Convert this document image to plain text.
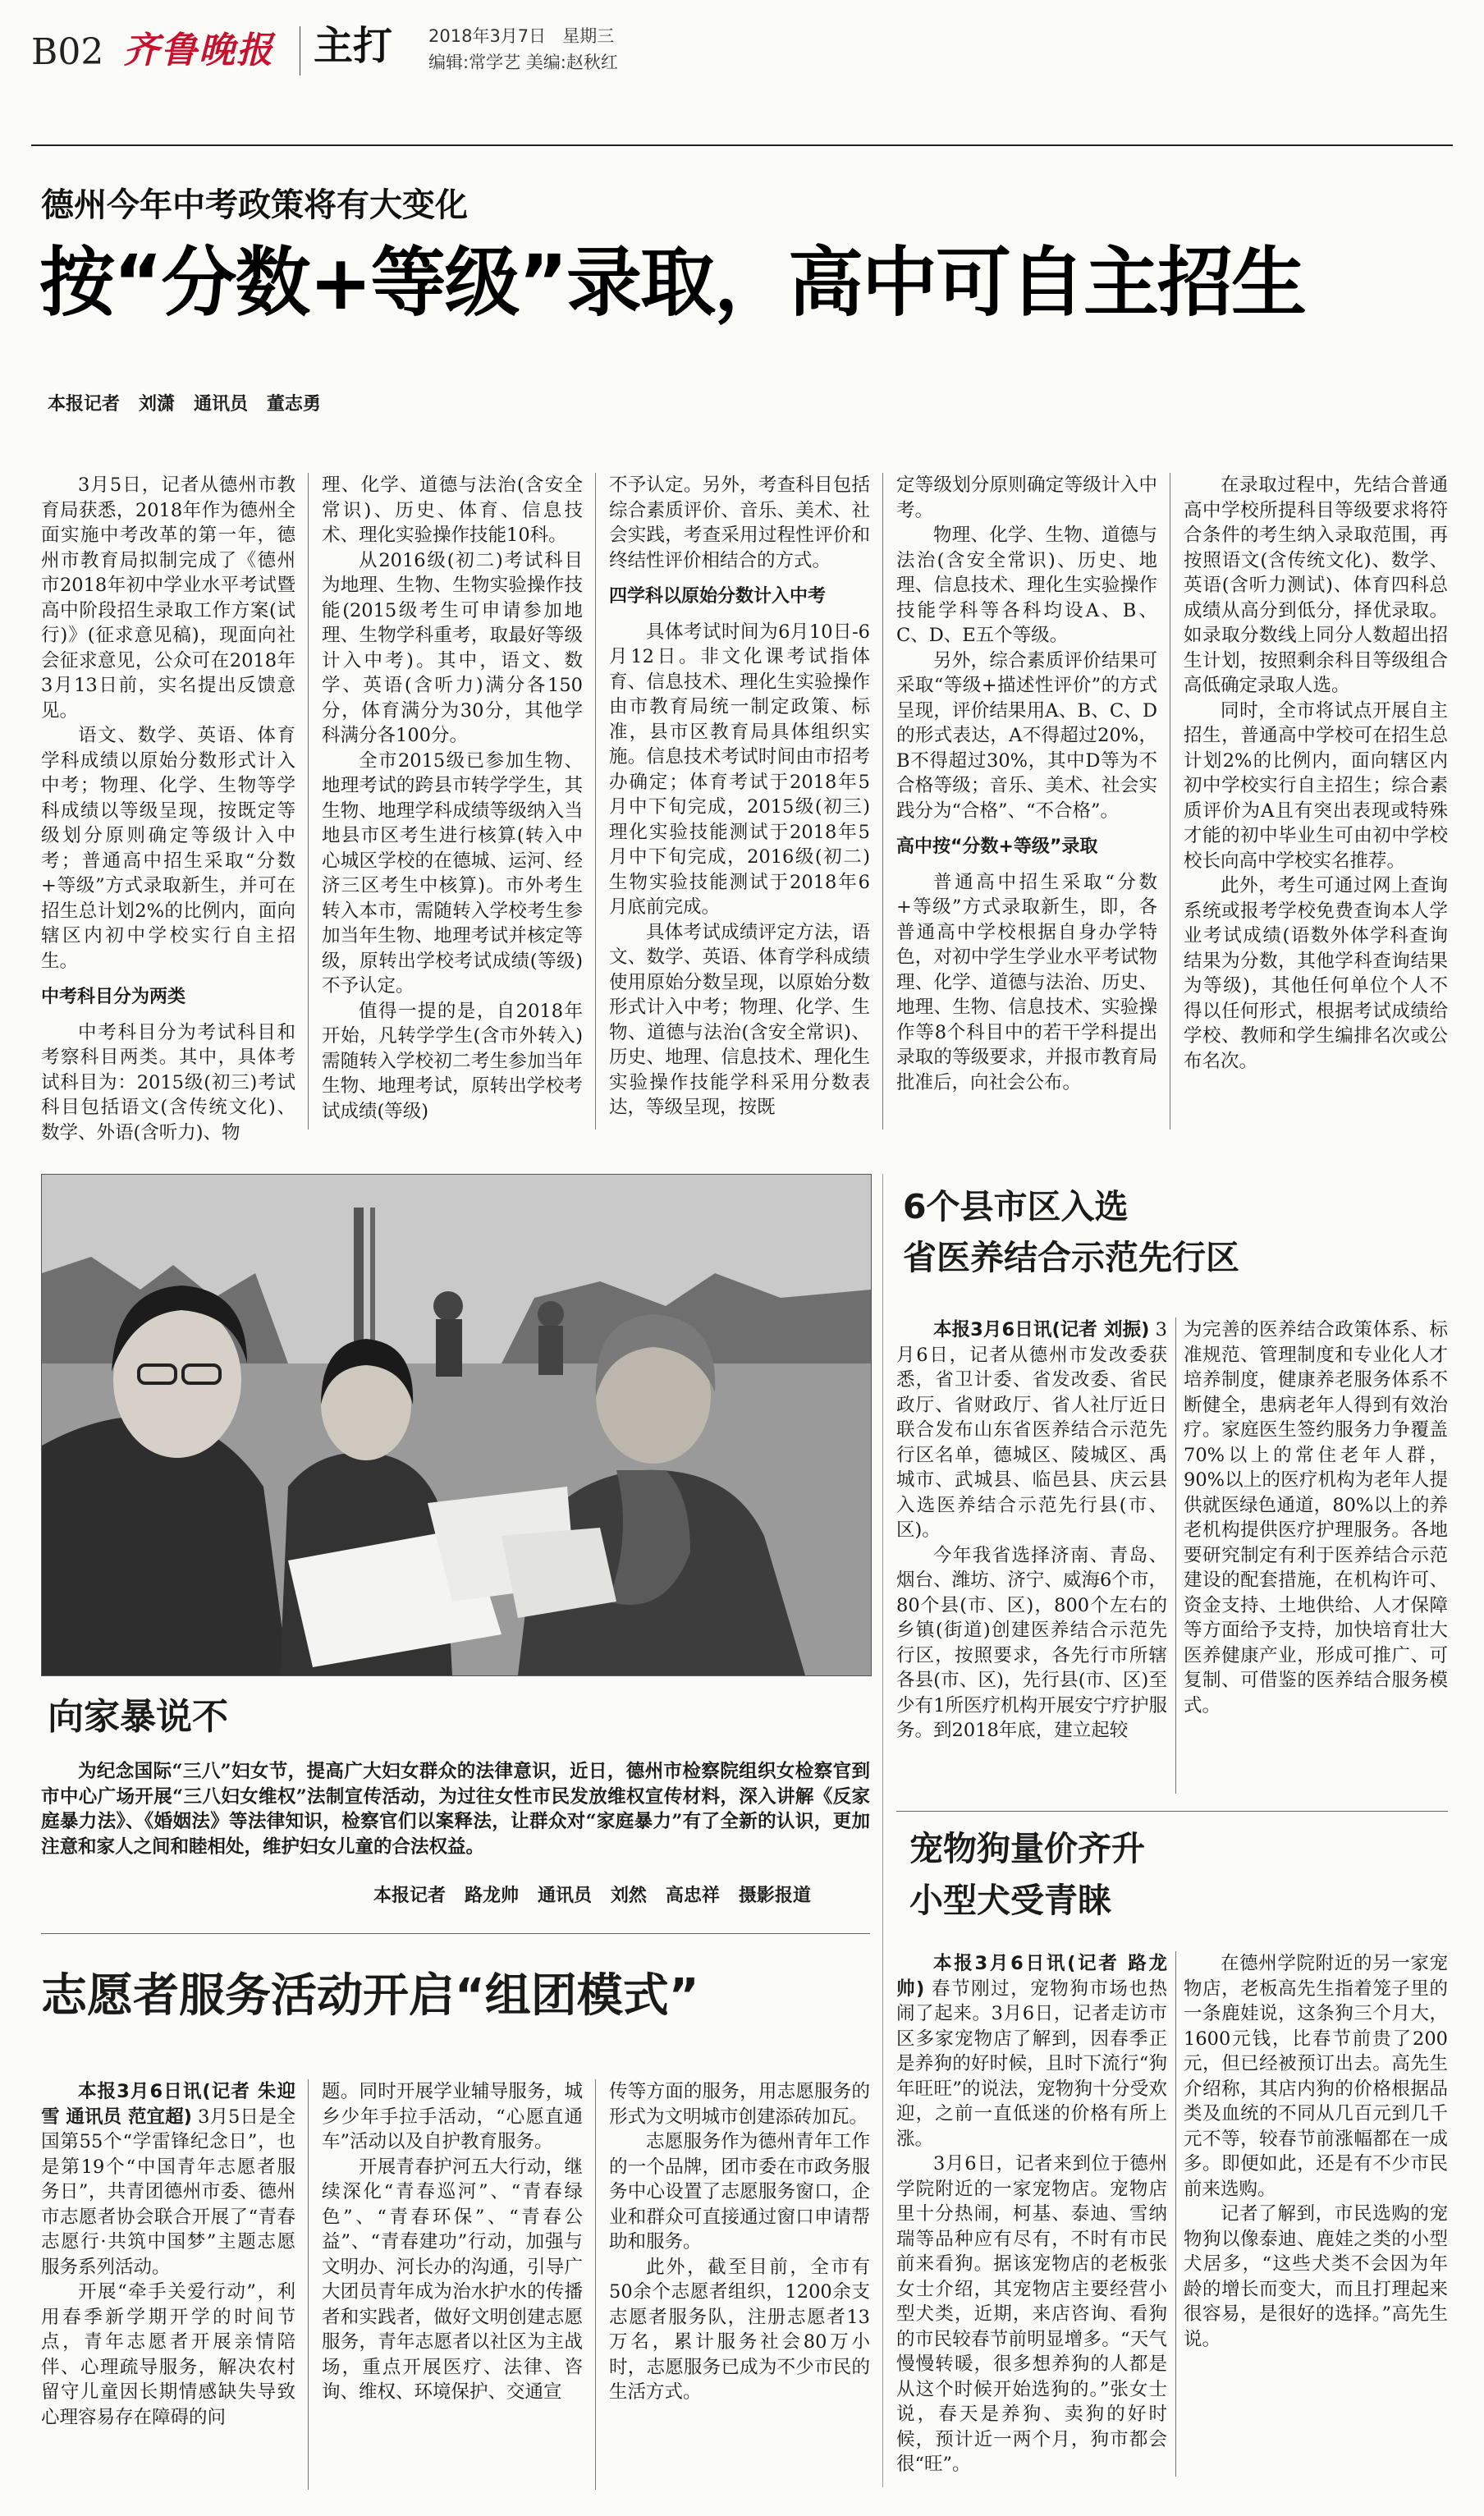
B02 齐鲁晚报 主打 2018年3月7日 星期三
编辑:常学艺 美编:赵秋红
德州今年中考政策将有大变化
按“分数+等级”录取，高中可自主招生
本报记者   刘潇   通讯员   董志勇

3月5日，记者从德州市教育局获悉，2018年作为德州全面实施中考改革的第一年，德州市教育局拟制完成了《德州市2018年初中学业水平考试暨高中阶段招生录取工作方案(试行)》(征求意见稿)，现面向社会征求意见，公众可在2018年3月13日前，实名提出反馈意见。

语文、数学、英语、体育学科成绩以原始分数形式计入中考；物理、化学、生物等学科成绩以等级呈现，按既定等级划分原则确定等级计入中考；普通高中招生采取“分数+等级”方式录取新生，并可在招生总计划2%的比例内，面向辖区内初中学校实行自主招生。

中考科目分为两类

中考科目分为考试科目和考察科目两类。其中，具体考试科目为：2015级(初三)考试科目包括语文(含传统文化)、数学、外语(含听力)、物

理、化学、道德与法治(含安全常识)、历史、体育、信息技术、理化实验操作技能10科。

从2016级(初二)考试科目为地理、生物、生物实验操作技能(2015级考生可申请参加地理、生物学科重考，取最好等级计入中考)。其中，语文、数学、英语(含听力)满分各150分，体育满分为30分，其他学科满分各100分。

全市2015级已参加生物、地理考试的跨县市转学学生，其生物、地理学科成绩等级纳入当地县市区考生进行核算(转入中心城区学校的在德城、运河、经济三区考生中核算)。市外考生转入本市，需随转入学校考生参加当年生物、地理考试并核定等级，原转出学校考试成绩(等级)不予认定。

值得一提的是，自2018年开始，凡转学学生(含市外转入)需随转入学校初二考生参加当年生物、地理考试，原转出学校考试成绩(等级)

不予认定。另外，考查科目包括综合素质评价、音乐、美术、社会实践，考查采用过程性评价和终结性评价相结合的方式。

四学科以原始分数计入中考

具体考试时间为6月10日-6月12日。非文化课考试指体育、信息技术、理化生实验操作由市教育局统一制定政策、标准，县市区教育局具体组织实施。信息技术考试时间由市招考办确定；体育考试于2018年5月中下旬完成，2015级(初三)理化实验技能测试于2018年5月中下旬完成，2016级(初二)生物实验技能测试于2018年6月底前完成。

具体考试成绩评定方法，语文、数学、英语、体育学科成绩使用原始分数呈现，以原始分数形式计入中考；物理、化学、生物、道德与法治(含安全常识)、历史、地理、信息技术、理化生实验操作技能学科采用分数表达，等级呈现，按既

定等级划分原则确定等级计入中考。

物理、化学、生物、道德与法治(含安全常识)、历史、地理、信息技术、理化生实验操作技能学科等各科均设A、B、C、D、E五个等级。

另外，综合素质评价结果可采取“等级+描述性评价”的方式呈现，评价结果用A、B、C、D的形式表达，A不得超过20%，B不得超过30%，其中D等为不合格等级；音乐、美术、社会实践分为“合格”、“不合格”。

高中按“分数+等级”录取

普通高中招生采取“分数+等级”方式录取新生，即，各普通高中学校根据自身办学特色，对初中学生学业水平考试物理、化学、道德与法治、历史、地理、生物、信息技术、实验操作等8个科目中的若干学科提出录取的等级要求，并报市教育局批准后，向社会公布。

在录取过程中，先结合普通高中学校所提科目等级要求将符合条件的考生纳入录取范围，再按照语文(含传统文化)、数学、英语(含听力测试)、体育四科总成绩从高分到低分，择优录取。如录取分数线上同分人数超出招生计划，按照剩余科目等级组合高低确定录取人选。

同时，全市将试点开展自主招生，普通高中学校可在招生总计划2%的比例内，面向辖区内初中学校实行自主招生；综合素质评价为A且有突出表现或特殊才能的初中毕业生可由初中学校校长向高中学校实名推荐。

此外，考生可通过网上查询系统或报考学校免费查询本人学业考试成绩(语数外体学科查询结果为分数，其他学科查询结果为等级)，其他任何单位个人不得以任何形式，根据考试成绩给学校、教师和学生编排名次或公布名次。

向家暴说不
为纪念国际“三八”妇女节，提高广大妇女群众的法律意识，近日，德州市检察院组织女检察官到市中心广场开展“三八妇女维权”法制宣传活动，为过往女性市民发放维权宣传材料，深入讲解《反家庭暴力法》、《婚姻法》等法律知识，检察官们以案释法，让群众对“家庭暴力”有了全新的认识，更加注意和家人之间和睦相处，维护妇女儿童的合法权益。
本报记者   路龙帅   通讯员   刘然   高忠祥   摄影报道
6个县市区入选
省医养结合示范先行区

本报3月6日讯(记者 刘振) 3月6日，记者从德州市发改委获悉，省卫计委、省发改委、省民政厅、省财政厅、省人社厅近日联合发布山东省医养结合示范先行区名单，德城区、陵城区、禹城市、武城县、临邑县、庆云县入选医养结合示范先行县(市、区)。

今年我省选择济南、青岛、烟台、潍坊、济宁、威海6个市，80个县(市、区)，800个左右的乡镇(街道)创建医养结合示范先行区，按照要求，各先行市所辖各县(市、区)，先行县(市、区)至少有1所医疗机构开展安宁疗护服务。到2018年底，建立起较

为完善的医养结合政策体系、标准规范、管理制度和专业化人才培养制度，健康养老服务体系不断健全，患病老年人得到有效治疗。家庭医生签约服务力争覆盖70%以上的常住老年人群，90%以上的医疗机构为老年人提供就医绿色通道，80%以上的养老机构提供医疗护理服务。各地要研究制定有利于医养结合示范建设的配套措施，在机构许可、资金支持、土地供给、人才保障等方面给予支持，加快培育壮大医养健康产业，形成可推广、可复制、可借鉴的医养结合服务模式。

宠物狗量价齐升
小型犬受青睐

本报3月6日讯(记者 路龙帅) 春节刚过，宠物狗市场也热闹了起来。3月6日，记者走访市区多家宠物店了解到，因春季正是养狗的好时候，且时下流行“狗年旺旺”的说法，宠物狗十分受欢迎，之前一直低迷的价格有所上涨。

3月6日，记者来到位于德州学院附近的一家宠物店。宠物店里十分热闹，柯基、泰迪、雪纳瑞等品种应有尽有，不时有市民前来看狗。据该宠物店的老板张女士介绍，其宠物店主要经营小型犬类，近期，来店咨询、看狗的市民较春节前明显增多。“天气慢慢转暖，很多想养狗的人都是从这个时候开始选狗的。”张女士说，春天是养狗、卖狗的好时候，预计近一两个月，狗市都会很“旺”。

在德州学院附近的另一家宠物店，老板高先生指着笼子里的一条鹿娃说，这条狗三个月大，1600元钱，比春节前贵了200元，但已经被预订出去。高先生介绍称，其店内狗的价格根据品类及血统的不同从几百元到几千元不等，较春节前涨幅都在一成多。即便如此，还是有不少市民前来选购。

记者了解到，市民选购的宠物狗以像泰迪、鹿娃之类的小型犬居多，“这些犬类不会因为年龄的增长而变大，而且打理起来很容易，是很好的选择。”高先生说。

志愿者服务活动开启“组团模式”

本报3月6日讯(记者 朱迎雪 通讯员 范宜超) 3月5日是全国第55个“学雷锋纪念日”，也是第19个“中国青年志愿者服务日”，共青团德州市委、德州市志愿者协会联合开展了“青春志愿行·共筑中国梦”主题志愿服务系列活动。

开展“牵手关爱行动”，利用春季新学期开学的时间节点，青年志愿者开展亲情陪伴、心理疏导服务，解决农村留守儿童因长期情感缺失导致心理容易存在障碍的问

题。同时开展学业辅导服务，城乡少年手拉手活动，“心愿直通车”活动以及自护教育服务。

开展青春护河五大行动，继续深化“青春巡河”、“青春绿色”、“青春环保”、“青春公益”、“青春建功”行动，加强与文明办、河长办的沟通，引导广大团员青年成为治水护水的传播者和实践者，做好文明创建志愿服务，青年志愿者以社区为主战场，重点开展医疗、法律、咨询、维权、环境保护、交通宣

传等方面的服务，用志愿服务的形式为文明城市创建添砖加瓦。

志愿服务作为德州青年工作的一个品牌，团市委在市政务服务中心设置了志愿服务窗口，企业和群众可直接通过窗口申请帮助和服务。

此外，截至目前，全市有50余个志愿者组织，1200余支志愿者服务队，注册志愿者13万名，累计服务社会80万小时，志愿服务已成为不少市民的生活方式。
